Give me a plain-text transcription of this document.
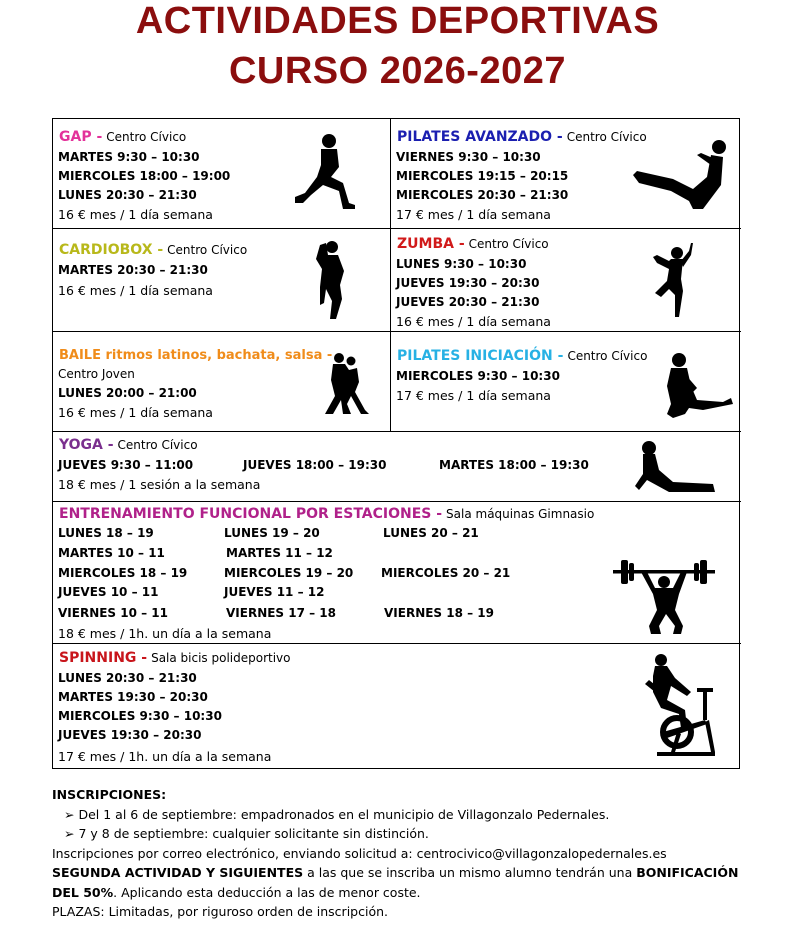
ACTIVIDADES DEPORTIVAS
CURSO 2026-2027
GAP - Centro Cívico
MARTES 9:30 – 10:30
MIERCOLES 18:00 – 19:00
LUNES 20:30 – 21:30
16 € mes / 1 día semana
PILATES AVANZADO - Centro Cívico
VIERNES 9:30 – 10:30
MIERCOLES 19:15 – 20:15
MIERCOLES 20:30 – 21:30
17 € mes / 1 día semana
CARDIOBOX - Centro Cívico
MARTES 20:30 – 21:30
16 € mes / 1 día semana
ZUMBA - Centro Cívico
LUNES 9:30 – 10:30
JUEVES 19:30 – 20:30
JUEVES 20:30 – 21:30
16 € mes / 1 día semana
BAILE ritmos latinos, bachata, salsa -
Centro Joven
LUNES 20:00 – 21:00
16 € mes / 1 día semana
PILATES INICIACIÓN - Centro Cívico
MIERCOLES 9:30 – 10:30
17 € mes / 1 día semana
YOGA - Centro Cívico
JUEVES 9:30 – 11:00	JUEVES 18:00 – 19:30	MARTES 18:00 – 19:30
18 € mes / 1 sesión a la semana
ENTRENAMIENTO FUNCIONAL POR ESTACIONES - Sala máquinas Gimnasio
LUNES 18 – 19	LUNES 19 – 20	LUNES 20 – 21
MARTES 10 – 11	MARTES 11 – 12
MIERCOLES 18 – 19	MIERCOLES 19 – 20 MIERCOLES 20 – 21
JUEVES 10 – 11	JUEVES 11 – 12
VIERNES 10 – 11	VIERNES 17 – 18	VIERNES 18 – 19
18 € mes / 1h. un día a la semana
SPINNING - Sala bicis polideportivo
LUNES 20:30 – 21:30
MARTES 19:30 – 20:30
MIERCOLES 9:30 – 10:30
JUEVES 19:30 – 20:30
17 € mes / 1h. un día a la semana
INSCRIPCIONES:
➢ Del 1 al 6 de septiembre: empadronados en el municipio de Villagonzalo Pedernales.
➢ 7 y 8 de septiembre: cualquier solicitante sin distinción.
Inscripciones por correo electrónico, enviando solicitud a: centrocivico@villagonzalopedernales.es
SEGUNDA ACTIVIDAD Y SIGUIENTES a las que se inscriba un mismo alumno tendrán una BONIFICACIÓN
DEL 50%. Aplicando esta deducción a las de menor coste.
PLAZAS: Limitadas, por riguroso orden de inscripción.
